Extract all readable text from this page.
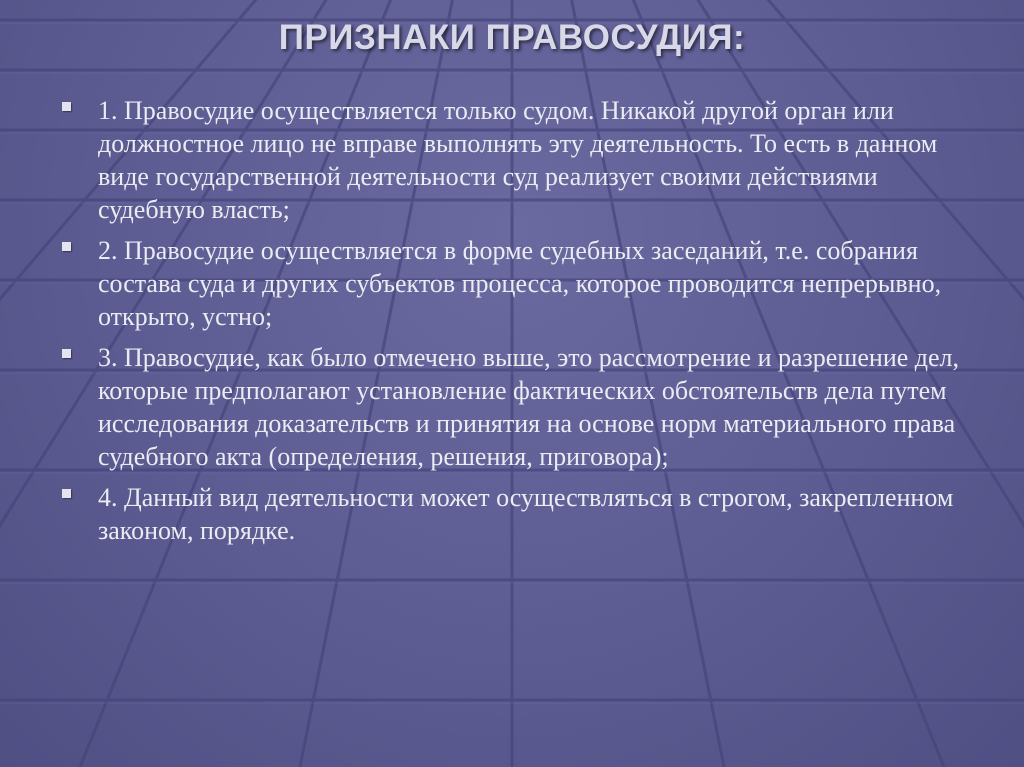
ПРИЗНАКИ ПРАВОСУДИЯ:
1. Правосудие осуществляется только судом. Никакой другой орган или должностное лицо не вправе выполнять эту деятельность. То есть в данном виде государственной деятельности суд реализует своими действиями судебную власть;
2. Правосудие осуществляется в форме судебных заседаний, т.е. собрания состава суда и других субъектов процесса, которое проводится непрерывно, открыто, устно;
3. Правосудие, как было отмечено выше, это рассмотрение и разрешение дел, которые предполагают установление фактических обстоятельств дела путем исследования доказательств и принятия на основе норм материального права судебного акта (определения, решения, приговора);
4. Данный вид деятельности может осуществляться в строгом, закрепленном законом, порядке.
